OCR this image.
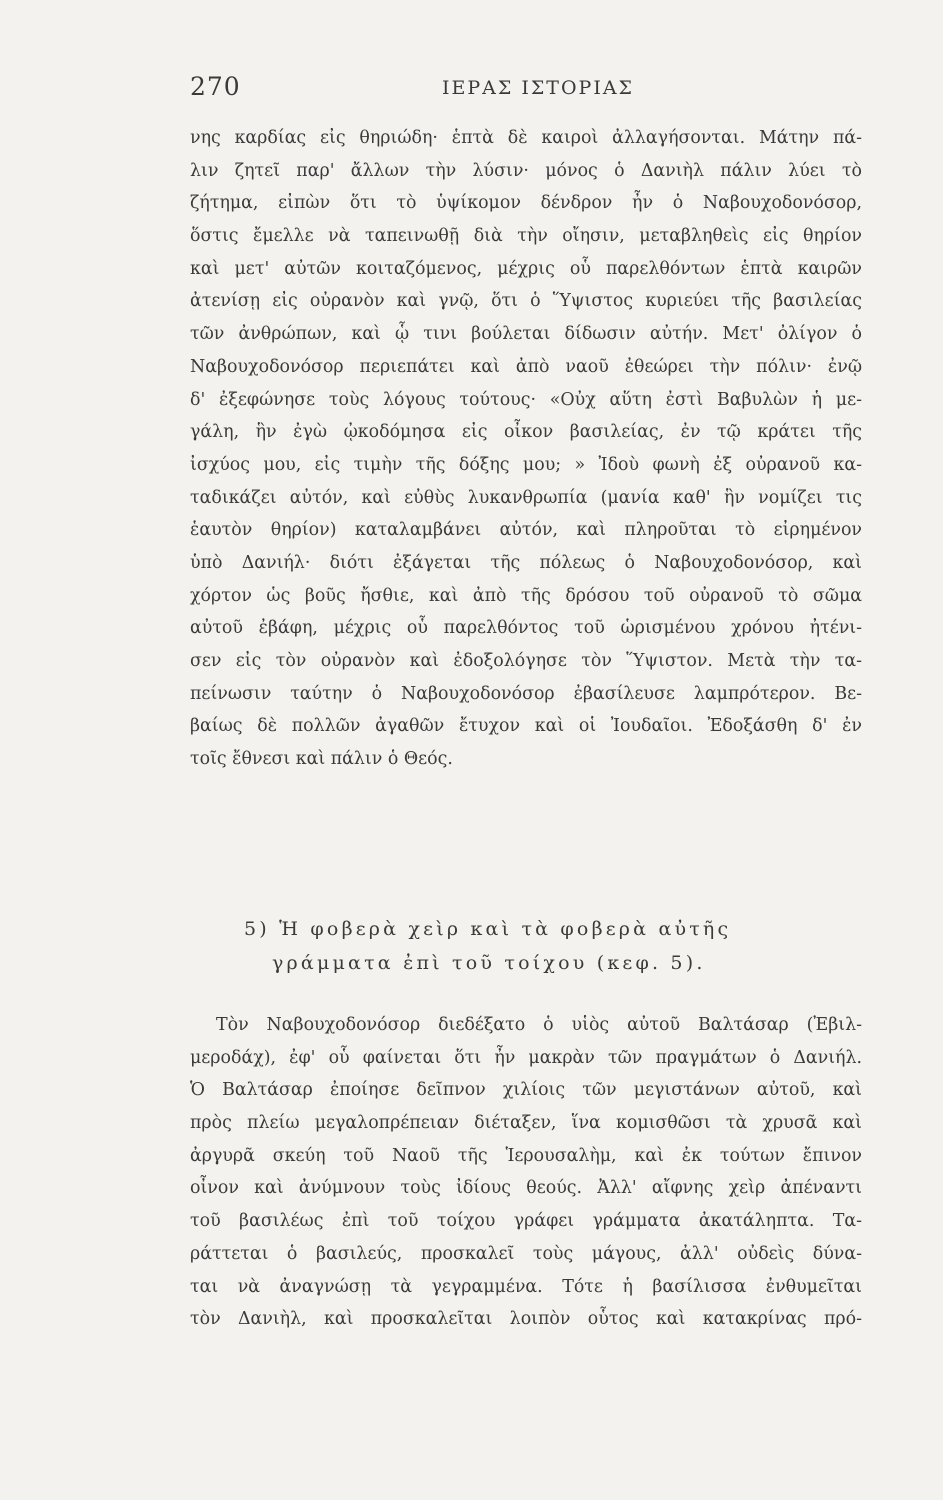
270	ΙΕΡΑΣ ΙΣΤΟΡΙΑΣ
νης καρδίας εἰς θηριώδη· ἑπτὰ δὲ καιροὶ ἀλλαγήσονται. Μάτην πά-
λιν ζητεῖ παρ' ἄλλων τὴν λύσιν· μόνος ὁ Δανιὴλ πάλιν λύει τὸ
ζήτημα, εἰπὼν ὅτι τὸ ὑψίκομον δένδρον ἦν ὁ Ναβουχοδονόσορ,
ὅστις ἔμελλε νὰ ταπεινωθῇ διὰ τὴν οἴησιν, μεταβληθεὶς εἰς θηρίον
καὶ μετ' αὐτῶν κοιταζόμενος, μέχρις οὗ παρελθόντων ἑπτὰ καιρῶν
ἀτενίσῃ εἰς οὐρανὸν καὶ γνῷ, ὅτι ὁ Ὕψιστος κυριεύει τῆς βασιλείας
τῶν ἀνθρώπων, καὶ ᾧ τινι βούλεται δίδωσιν αὐτήν. Μετ' ὀλίγον ὁ
Ναβουχοδονόσορ περιεπάτει καὶ ἀπὸ ναοῦ ἐθεώρει τὴν πόλιν· ἐνῷ
δ' ἐξεφώνησε τοὺς λόγους τούτους· «Οὐχ αὕτη ἐστὶ Βαβυλὼν ἡ με-
γάλη, ἣν ἐγὼ ᾠκοδόμησα εἰς οἶκον βασιλείας, ἐν τῷ κράτει τῆς
ἰσχύος μου, εἰς τιμὴν τῆς δόξης μου; » Ἰδοὺ φωνὴ ἐξ οὐρανοῦ κα-
ταδικάζει αὐτόν, καὶ εὐθὺς λυκανθρωπία (μανία καθ' ἣν νομίζει τις
ἑαυτὸν θηρίον) καταλαμβάνει αὐτόν, καὶ πληροῦται τὸ εἰρημένον
ὑπὸ Δανιήλ· διότι ἐξάγεται τῆς πόλεως ὁ Ναβουχοδονόσορ, καὶ
χόρτον ὡς βοῦς ἤσθιε, καὶ ἀπὸ τῆς δρόσου τοῦ οὐρανοῦ τὸ σῶμα
αὐτοῦ ἐβάφη, μέχρις οὗ παρελθόντος τοῦ ὡρισμένου χρόνου ἠτένι-
σεν εἰς τὸν οὐρανὸν καὶ ἐδοξολόγησε τὸν Ὕψιστον. Μετὰ τὴν τα-
πείνωσιν ταύτην ὁ Ναβουχοδονόσορ ἐβασίλευσε λαμπρότερον. Βε-
βαίως δὲ πολλῶν ἀγαθῶν ἔτυχον καὶ οἱ Ἰουδαῖοι. Ἐδοξάσθη δ' ἐν
τοῖς ἔθνεσι καὶ πάλιν ὁ Θεός.
5) Ἡ φοβερὰ χεὶρ καὶ τὰ φοβερὰ αὐτῆς
γράμματα ἐπὶ τοῦ τοίχου (κεφ. 5).
Τὸν Ναβουχοδονόσορ διεδέξατο ὁ υἱὸς αὐτοῦ Βαλτάσαρ (Ἐβιλ-
μεροδάχ), ἐφ' οὗ φαίνεται ὅτι ἦν μακρὰν τῶν πραγμάτων ὁ Δανιήλ.
Ὁ Βαλτάσαρ ἐποίησε δεῖπνον χιλίοις τῶν μεγιστάνων αὐτοῦ, καὶ
πρὸς πλείω μεγαλοπρέπειαν διέταξεν, ἵνα κομισθῶσι τὰ χρυσᾶ καὶ
ἀργυρᾶ σκεύη τοῦ Ναοῦ τῆς Ἱερουσαλὴμ, καὶ ἐκ τούτων ἔπινον
οἶνον καὶ ἀνύμνουν τοὺς ἰδίους θεούς. Ἀλλ' αἴφνης χεὶρ ἀπέναντι
τοῦ βασιλέως ἐπὶ τοῦ τοίχου γράφει γράμματα ἀκατάληπτα. Τα-
ράττεται ὁ βασιλεύς, προσκαλεῖ τοὺς μάγους, ἀλλ' οὐδεὶς δύνα-
ται νὰ ἀναγνώσῃ τὰ γεγραμμένα. Τότε ἡ βασίλισσα ἐνθυμεῖται
τὸν Δανιὴλ, καὶ προσκαλεῖται λοιπὸν οὗτος καὶ κατακρίνας πρό-
